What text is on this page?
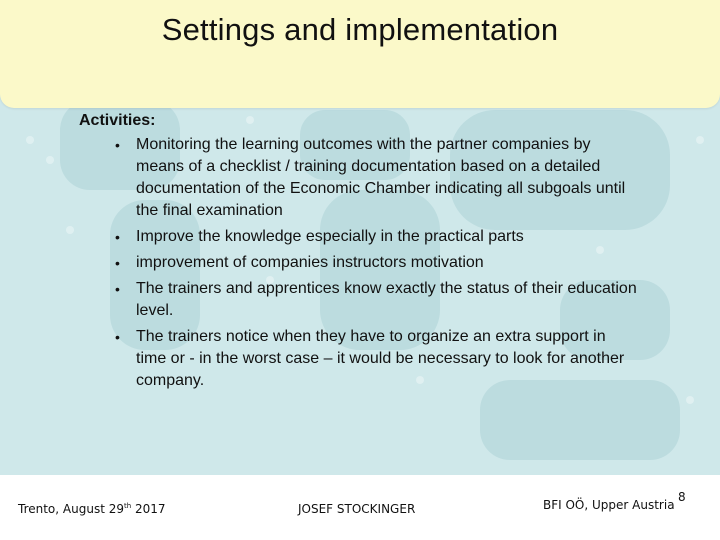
Settings and implementation
Activities:
• Monitoring the learning outcomes with the partner companies by means of a checklist / training documentation based on a detailed documentation of the Economic Chamber indicating all subgoals until the final examination
• Improve the knowledge especially in the practical parts
• improvement of companies instructors motivation
• The trainers and apprentices know exactly the status of their education level.
• The trainers notice when they have to organize an extra support in time or - in the worst case – it would be necessary to look for another company.
Trento, August 29th 2017	JOSEF STOCKINGER	BFI OÖ, Upper Austria
8
